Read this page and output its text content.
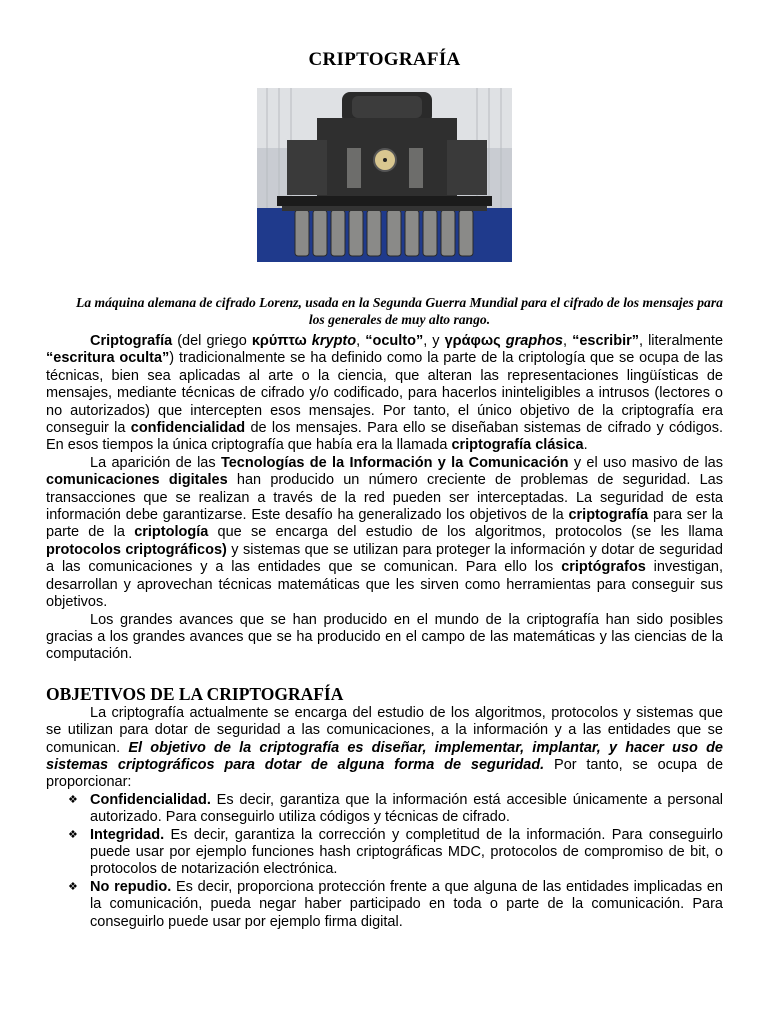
CRIPTOGRAFÍA

La máquina alemana de cifrado Lorenz, usada en la Segunda Guerra Mundial para el cifrado de los mensajes para los generales de muy alto rango.

Criptografía (del griego κρύπτω krypto, “oculto”, y γράφως graphos, “escribir”, literalmente “escritura oculta”) tradicionalmente se ha definido como la parte de la criptología que se ocupa de las técnicas, bien sea aplicadas al arte o la ciencia, que alteran las representaciones lingüísticas de mensajes, mediante técnicas de cifrado y/o codificado, para hacerlos ininteligibles a intrusos (lectores o no autorizados) que intercepten esos mensajes. Por tanto, el único objetivo de la criptografía era conseguir la confidencialidad de los mensajes. Para ello se diseñaban sistemas de cifrado y códigos. En esos tiempos la única criptografía que había era la llamada criptografía clásica.

La aparición de las Tecnologías de la Información y la Comunicación y el uso masivo de las comunicaciones digitales han producido un número creciente de problemas de seguridad. Las transacciones que se realizan a través de la red pueden ser interceptadas. La seguridad de esta información debe garantizarse. Este desafío ha generalizado los objetivos de la criptografía para ser la parte de la criptología que se encarga del estudio de los algoritmos, protocolos (se les llama protocolos criptográficos) y sistemas que se utilizan para proteger la información y dotar de seguridad a las comunicaciones y a las entidades que se comunican. Para ello los criptógrafos investigan, desarrollan y aprovechan técnicas matemáticas que les sirven como herramientas para conseguir sus objetivos.

Los grandes avances que se han producido en el mundo de la criptografía han sido posibles gracias a los grandes avances que se ha producido en el campo de las matemáticas y las ciencias de la computación.

OBJETIVOS DE LA CRIPTOGRAFÍA

La criptografía actualmente se encarga del estudio de los algoritmos, protocolos y sistemas que se utilizan para dotar de seguridad a las comunicaciones, a la información y a las entidades que se comunican. El objetivo de la criptografía es diseñar, implementar, implantar, y hacer uso de sistemas criptográficos para dotar de alguna forma de seguridad. Por tanto, se ocupa de proporcionar:

❖ Confidencialidad. Es decir, garantiza que la información está accesible únicamente a personal autorizado. Para conseguirlo utiliza códigos y técnicas de cifrado.
❖ Integridad. Es decir, garantiza la corrección y completitud de la información. Para conseguirlo puede usar por ejemplo funciones hash criptográficas MDC, protocolos de compromiso de bit, o protocolos de notarización electrónica.
❖ No repudio. Es decir, proporciona protección frente a que alguna de las entidades implicadas en la comunicación, pueda negar haber participado en toda o parte de la comunicación. Para conseguirlo puede usar por ejemplo firma digital.
